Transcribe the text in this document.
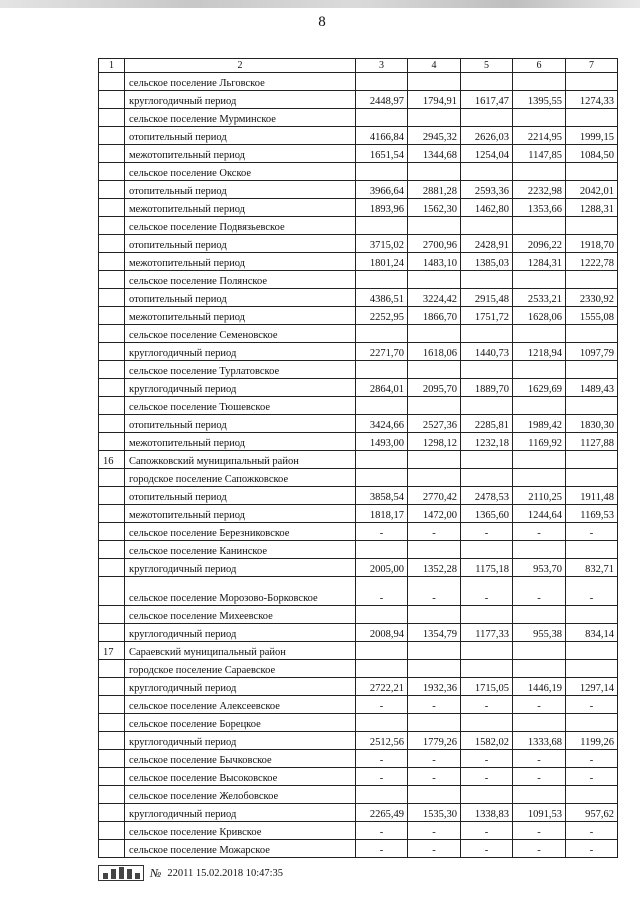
8
1	2	3	4	5	6	7
	сельское поселение Льговское					
	круглогодичный период	2448,97	1794,91	1617,47	1395,55	1274,33
	сельское поселение Мурминское					
	отопительный период	4166,84	2945,32	2626,03	2214,95	1999,15
	межотопительный период	1651,54	1344,68	1254,04	1147,85	1084,50
	сельское поселение Окское					
	отопительный период	3966,64	2881,28	2593,36	2232,98	2042,01
	межотопительный период	1893,96	1562,30	1462,80	1353,66	1288,31
	сельское поселение Подвязьевское					
	отопительный период	3715,02	2700,96	2428,91	2096,22	1918,70
	межотопительный период	1801,24	1483,10	1385,03	1284,31	1222,78
	сельское поселение Полянское					
	отопительный период	4386,51	3224,42	2915,48	2533,21	2330,92
	межотопительный период	2252,95	1866,70	1751,72	1628,06	1555,08
	сельское поселение Семеновское					
	круглогодичный период	2271,70	1618,06	1440,73	1218,94	1097,79
	сельское поселение Турлатовское					
	круглогодичный период	2864,01	2095,70	1889,70	1629,69	1489,43
	сельское поселение Тюшевское					
	отопительный период	3424,66	2527,36	2285,81	1989,42	1830,30
	межотопительный период	1493,00	1298,12	1232,18	1169,92	1127,88
16	Сапожковский муниципальный район					
	городское поселение Сапожковское					
	отопительный период	3858,54	2770,42	2478,53	2110,25	1911,48
	межотопительный период	1818,17	1472,00	1365,60	1244,64	1169,53
	сельское поселение Березниковское	-	-	-	-	-
	сельское поселение Канинское					
	круглогодичный период	2005,00	1352,28	1175,18	953,70	832,71
	сельское поселение Морозово-Борковское	-	-	-	-	-
	сельское поселение Михеевское					
	круглогодичный период	2008,94	1354,79	1177,33	955,38	834,14
17	Сараевский муниципальный район					
	городское поселение Сараевское					
	круглогодичный период	2722,21	1932,36	1715,05	1446,19	1297,14
	сельское поселение Алексеевское	-	-	-	-	-
	сельское поселение Борецкое					
	круглогодичный период	2512,56	1779,26	1582,02	1333,68	1199,26
	сельское поселение Бычковское	-	-	-	-	-
	сельское поселение Высоковское	-	-	-	-	-
	сельское поселение Желобовское					
	круглогодичный период	2265,49	1535,30	1338,83	1091,53	957,62
	сельское поселение Кривское	-	-	-	-	-
	сельское поселение Можарское	-	-	-	-	-
№ 22011 15.02.2018 10:47:35
